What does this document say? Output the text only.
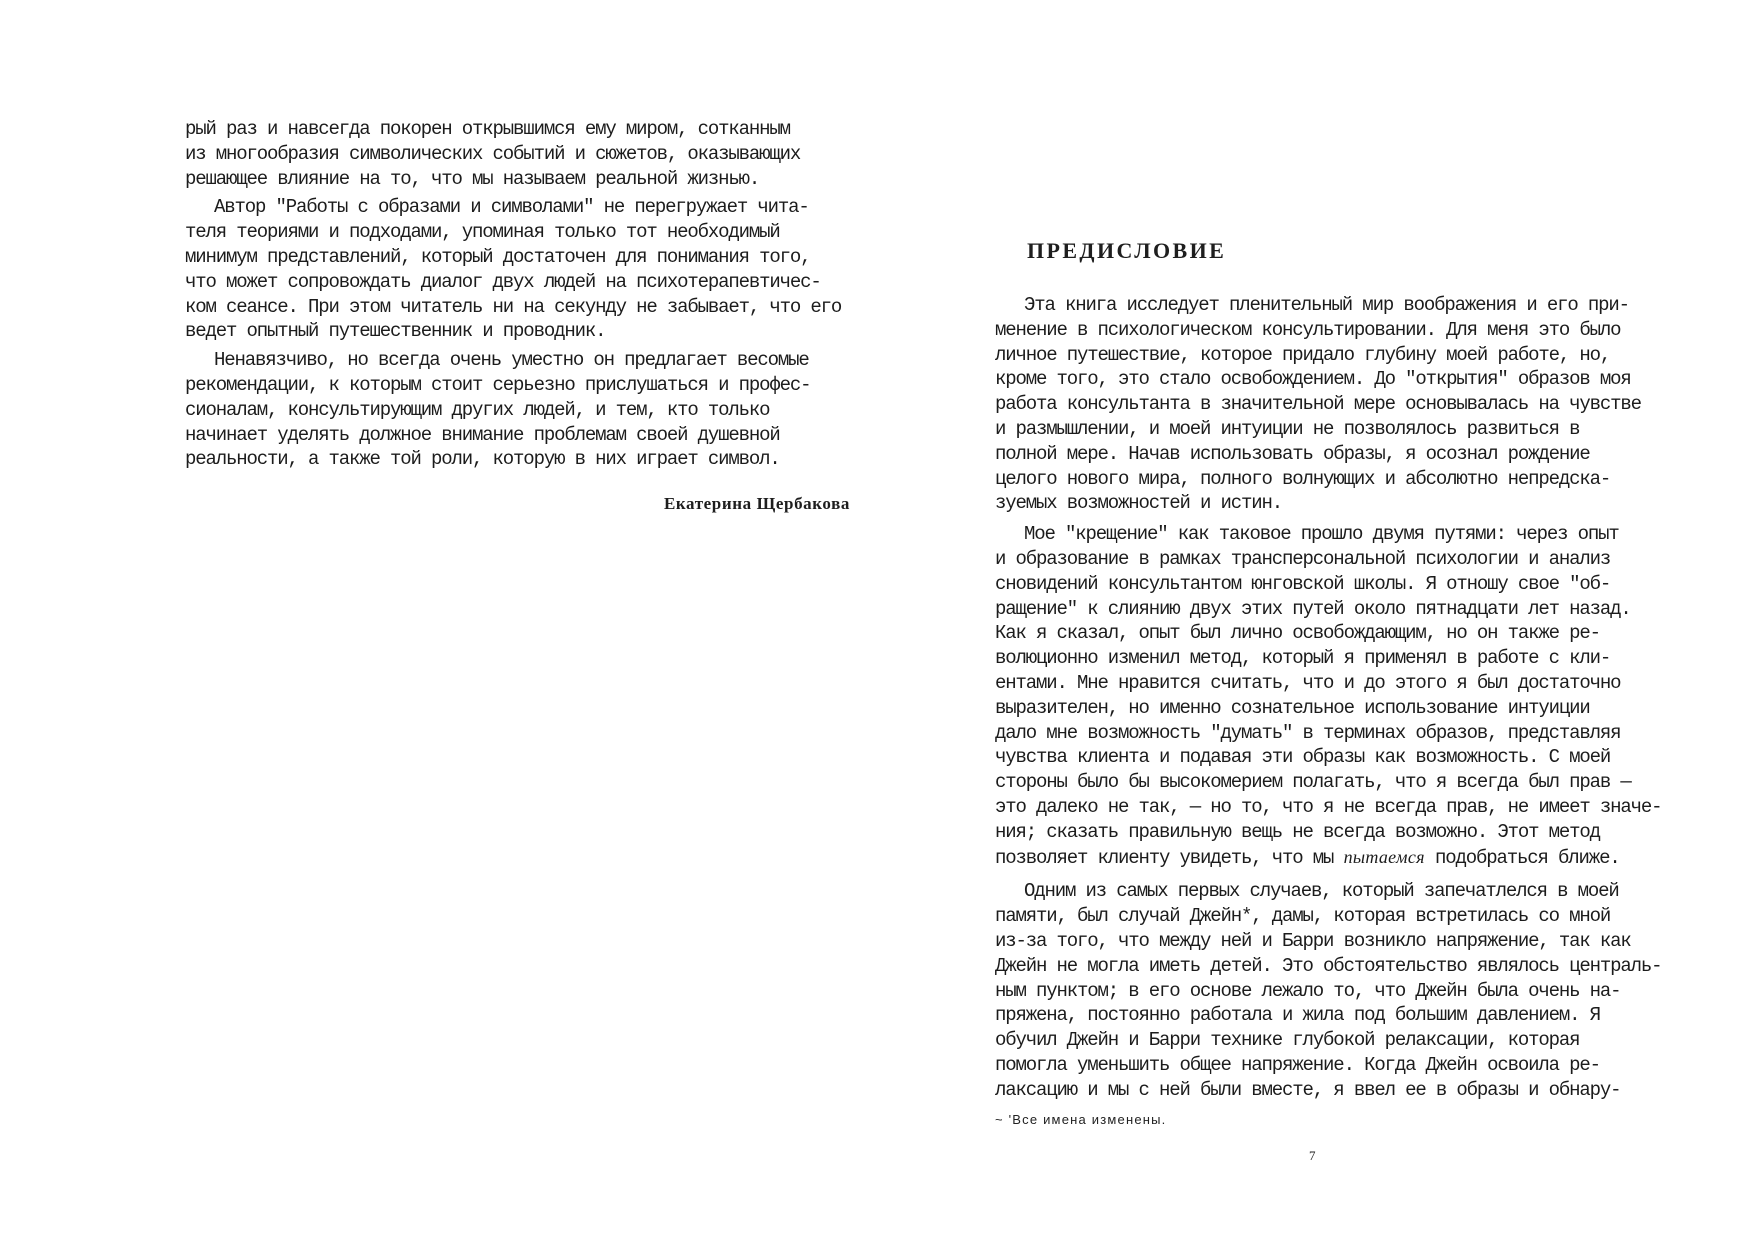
рый раз и навсегда покорен открывшимся ему миром, сотканным
из многообразия символических событий и сюжетов, оказывающих
решающее влияние на то, что мы называем реальной жизнью.

Автор "Работы с образами и символами" не перегружает чита-
теля теориями и подходами, упоминая только тот необходимый
минимум представлений, который достаточен для понимания того,
что может сопровождать диалог двух людей на психотерапевтичес-
ком сеансе. При этом читатель ни на секунду не забывает, что его
ведет опытный путешественник и проводник.

Ненавязчиво, но всегда очень уместно он предлагает весомые
рекомендации, к которым стоит серьезно прислушаться и профес-
сионалам, консультирующим других людей, и тем, кто только
начинает уделять должное внимание проблемам своей душевной
реальности, а также той роли, которую в них играет символ.

Екатерина Щербакова
ПРЕДИСЛОВИЕ

Эта книга исследует пленительный мир воображения и его при-
менение в психологическом консультировании. Для меня это было
личное путешествие, которое придало глубину моей работе, но,
кроме того, это стало освобождением. До "открытия" образов моя
работа консультанта в значительной мере основывалась на чувстве
и размышлении, и моей интуиции не позволялось развиться в
полной мере. Начав использовать образы, я осознал рождение
целого нового мира, полного волнующих и абсолютно непредска-
зуемых возможностей и истин.

Мое "крещение" как таковое прошло двумя путями: через опыт
и образование в рамках трансперсональной психологии и анализ
сновидений консультантом юнговской школы. Я отношу свое "об-
ращение" к слиянию двух этих путей около пятнадцати лет назад.
Как я сказал, опыт был лично освобождающим, но он также ре-
волюционно изменил метод, который я применял в работе с кли-
ентами. Мне нравится считать, что и до этого я был достаточно
выразителен, но именно сознательное использование интуиции
дало мне возможность "думать" в терминах образов, представляя
чувства клиента и подавая эти образы как возможность. С моей
стороны было бы высокомерием полагать, что я всегда был прав —
это далеко не так, — но то, что я не всегда прав, не имеет значе-
ния; сказать правильную вещь не всегда возможно. Этот метод
позволяет клиенту увидеть, что мы пытаемся подобраться ближе.

Одним из самых первых случаев, который запечатлелся в моей
памяти, был случай Джейн*, дамы, которая встретилась со мной
из-за того, что между ней и Барри возникло напряжение, так как
Джейн не могла иметь детей. Это обстоятельство являлось централь-
ным пунктом; в его основе лежало то, что Джейн была очень на-
пряжена, постоянно работала и жила под большим давлением. Я
обучил Джейн и Барри технике глубокой релаксации, которая
помогла уменьшить общее напряжение. Когда Джейн освоила ре-
лаксацию и мы с ней были вместе, я ввел ее в образы и обнару-

~ 'Все имена изменены.
7
